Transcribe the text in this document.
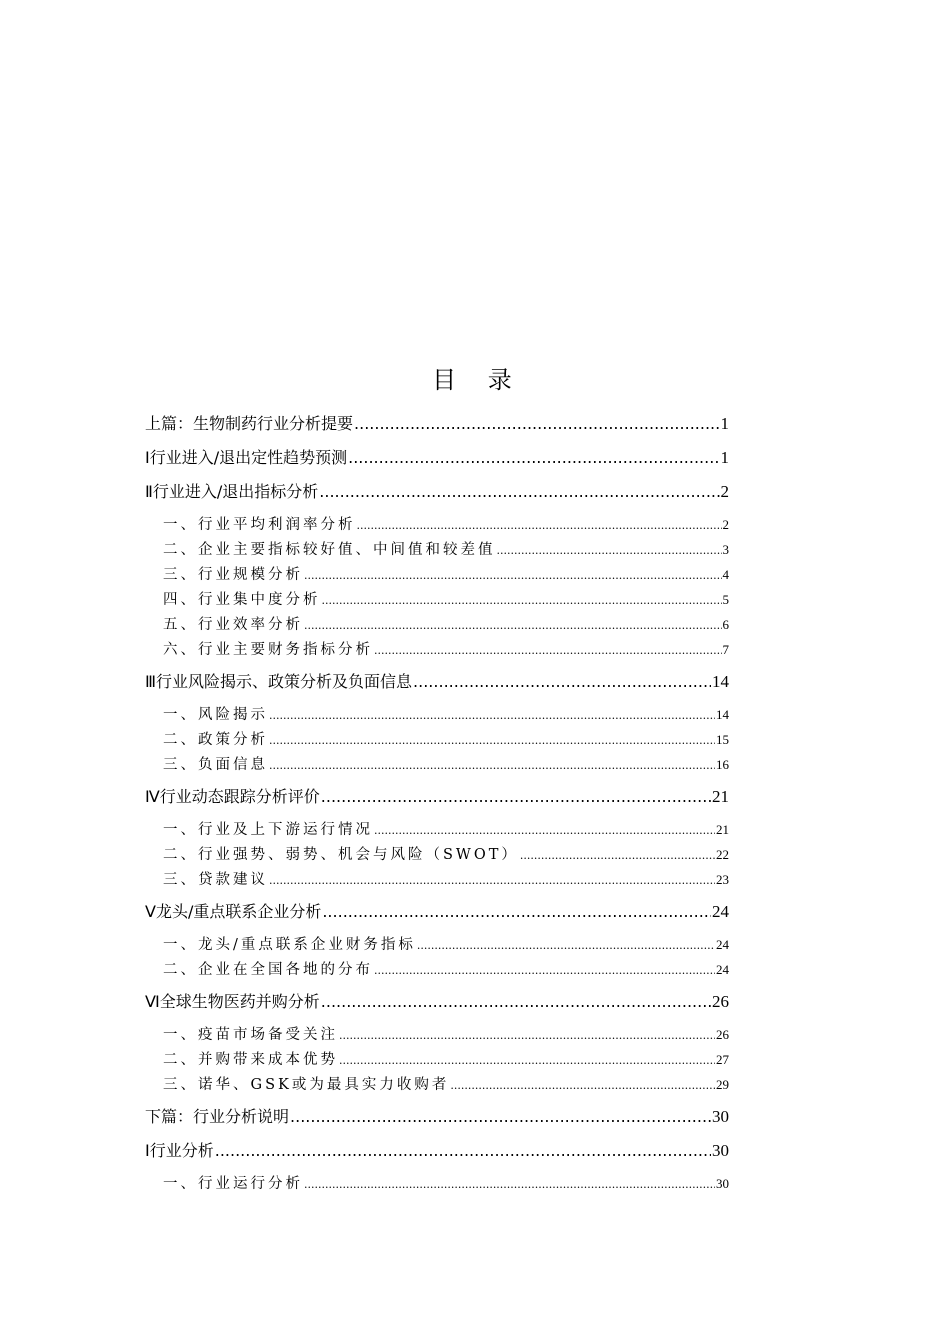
目 录
上篇：生物制药行业分析提要 .....	1
Ⅰ行业进入/退出定性趋势预测 .....	1
Ⅱ行业进入/退出指标分析 .....	2
一、行业平均利润率分析 .....	2
二、企业主要指标较好值、中间值和较差值 .....	3
三、行业规模分析 .....	4
四、行业集中度分析 .....	5
五、行业效率分析 .....	6
六、行业主要财务指标分析 .....	7
Ⅲ行业风险揭示、政策分析及负面信息 .....	14
一、风险揭示 .....	14
二、政策分析 .....	15
三、负面信息 .....	16
Ⅳ行业动态跟踪分析评价 .....	21
一、行业及上下游运行情况 .....	21
二、行业强势、弱势、机会与风险（SWOT） .....	22
三、贷款建议 .....	23
Ⅴ龙头/重点联系企业分析 .....	24
一、龙头/重点联系企业财务指标 .....	24
二、企业在全国各地的分布 .....	24
Ⅵ全球生物医药并购分析 .....	26
一、疫苗市场备受关注 .....	26
二、并购带来成本优势 .....	27
三、诺华、GSK或为最具实力收购者 .....	29
下篇：行业分析说明 .....	30
Ⅰ行业分析 .....	30
一、行业运行分析 .....	30
